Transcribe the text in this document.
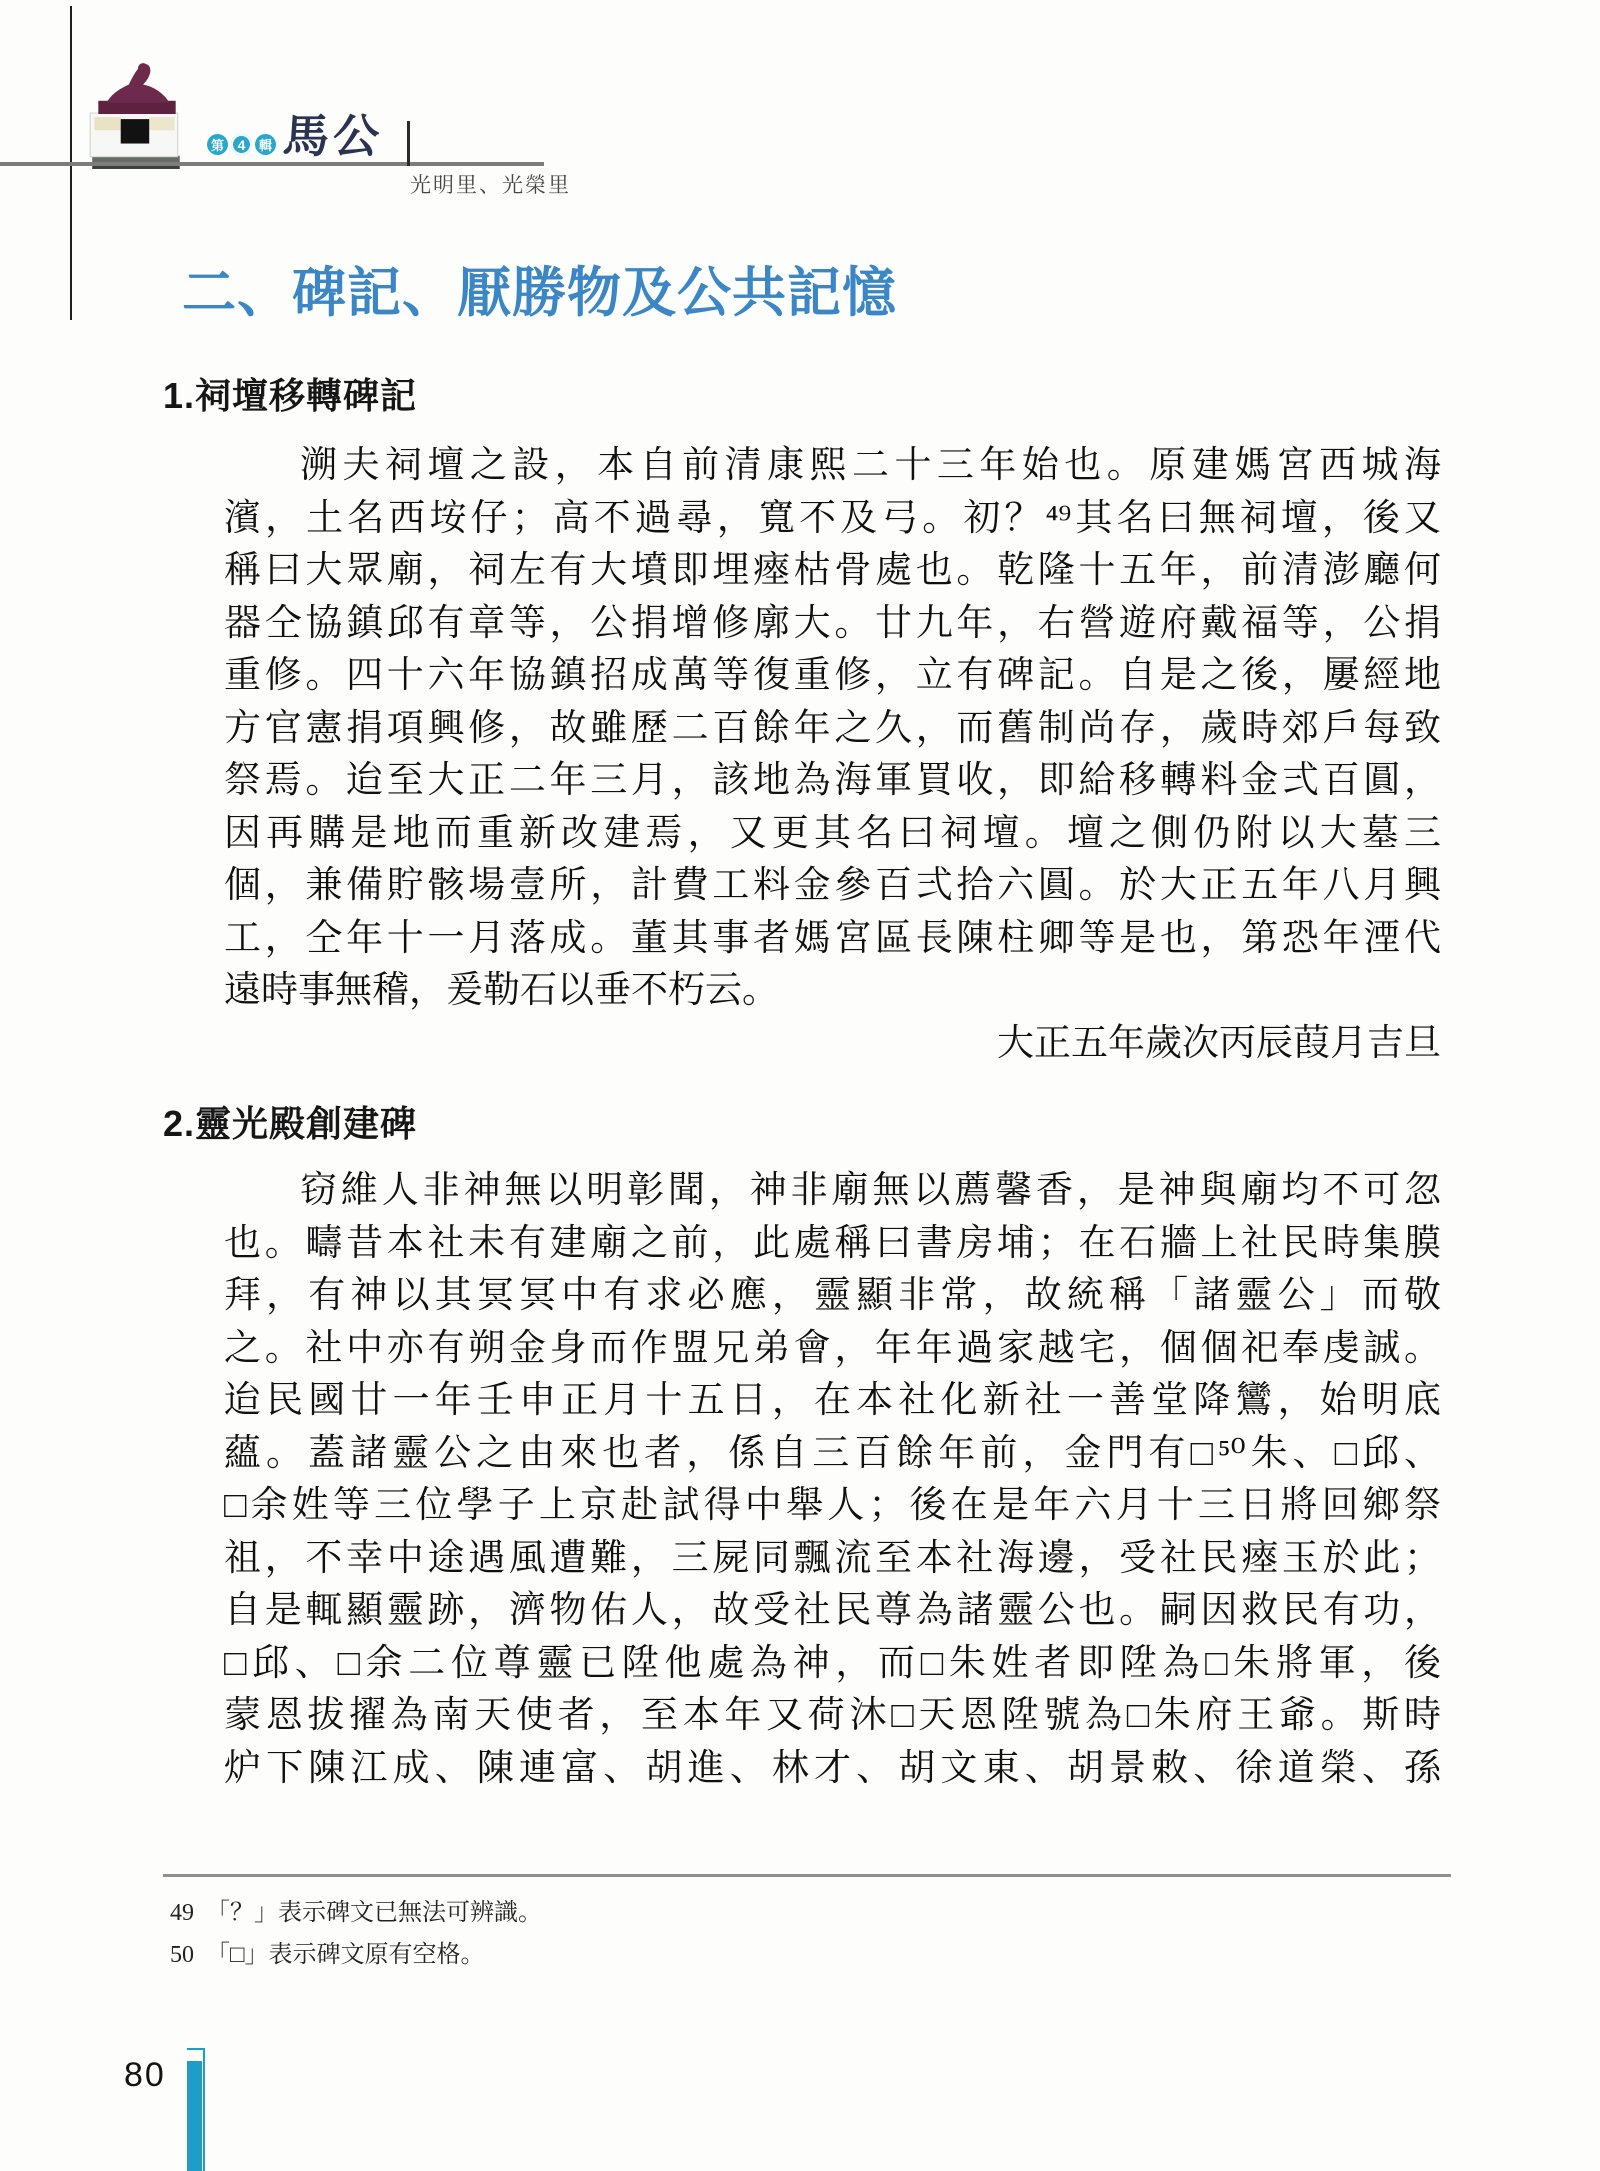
第 4	輯 馬公
光明里、光榮里
二、碑記、厭勝物及公共記憶
1.祠壇移轉碑記
溯夫祠壇之設，本自前清康熙二十三年始也。原建媽宮西城海
濱，土名西垵仔；高不過尋，寬不及弓。初？⁴⁹其名曰無祠壇，後又
稱曰大眾廟，祠左有大墳即埋瘞枯骨處也。乾隆十五年，前清澎廳何
器仝協鎮邱有章等，公捐增修廓大。廿九年，右營遊府戴福等，公捐
重修。四十六年協鎮招成萬等復重修，立有碑記。自是之後，屢經地
方官憲捐項興修，故雖歷二百餘年之久，而舊制尚存，歲時郊戶每致
祭焉。迨至大正二年三月，該地為海軍買收，即給移轉料金弍百圓，
因再購是地而重新改建焉，又更其名曰祠壇。壇之側仍附以大墓三
個，兼備貯骸場壹所，計費工料金參百弍拾六圓。於大正五年八月興
工，仝年十一月落成。董其事者媽宮區長陳柱卿等是也，第恐年湮代
遠時事無稽，爰勒石以垂不朽云。
大正五年歲次丙辰葭月吉旦
2.靈光殿創建碑
窃維人非神無以明彰聞，神非廟無以薦馨香，是神與廟均不可忽
也。疇昔本社未有建廟之前，此處稱曰書房埔；在石牆上社民時集膜
拜，有神以其冥冥中有求必應，靈顯非常，故統稱「諸靈公」而敬
之。社中亦有朔金身而作盟兄弟會，年年過家越宅，個個祀奉虔誠。
迨民國廿一年壬申正月十五日，在本社化新社一善堂降鸞，始明底
蘊。蓋諸靈公之由來也者，係自三百餘年前，金門有□⁵⁰朱、□邱、
□余姓等三位學子上京赴試得中舉人；後在是年六月十三日將回鄉祭
祖，不幸中途遇風遭難，三屍同飄流至本社海邊，受社民瘞玉於此；
自是輒顯靈跡，濟物佑人，故受社民尊為諸靈公也。嗣因救民有功，
□邱、□余二位尊靈已陞他處為神，而□朱姓者即陞為□朱將軍，後
蒙恩拔擢為南天使者，至本年又荷沐□天恩陞號為□朱府王爺。斯時
炉下陳江成、陳連富、胡進、林才、胡文東、胡景敕、徐道榮、孫
49 「？」表示碑文已無法可辨識。
50 「□」表示碑文原有空格。
80
